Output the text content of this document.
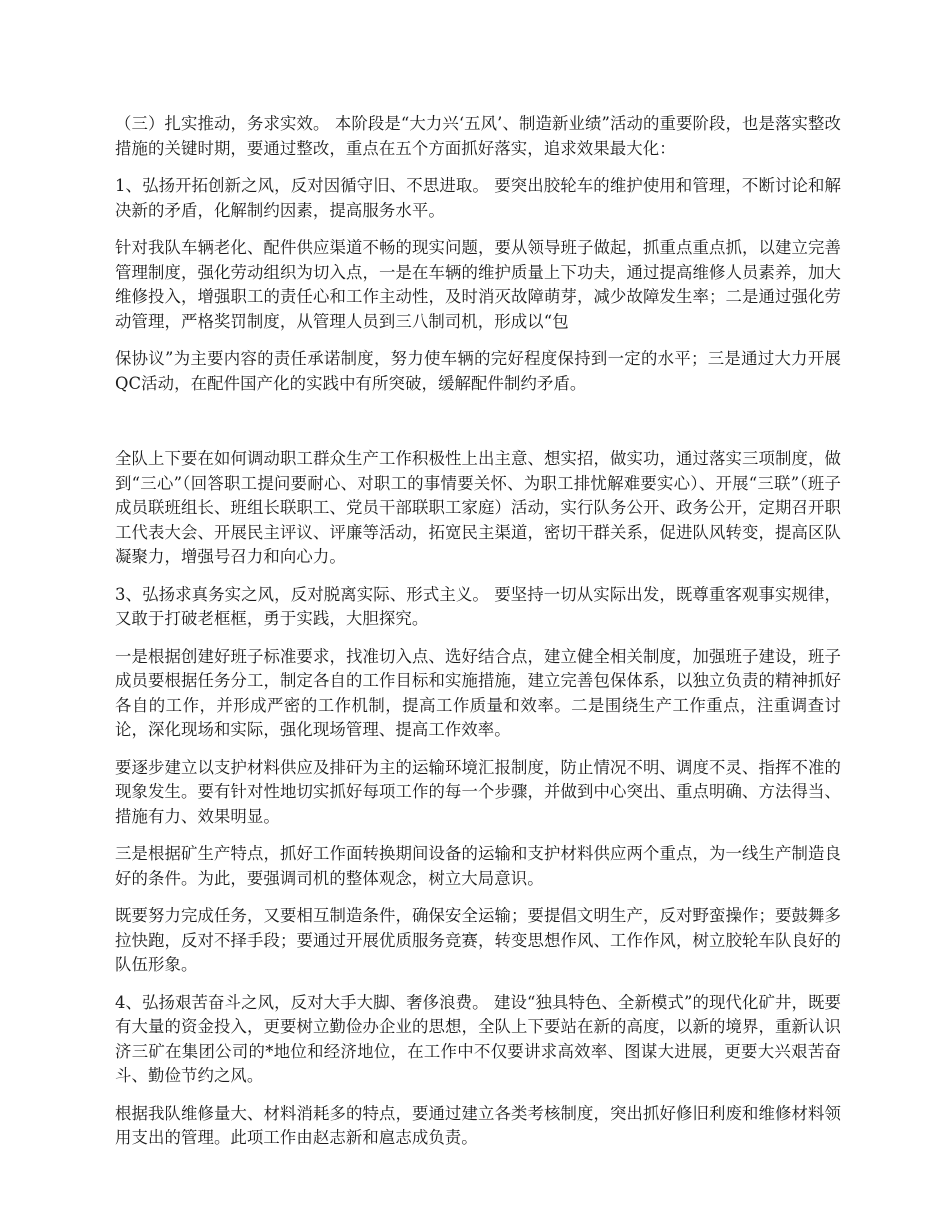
（三）扎实推动，务求实效。 本阶段是“大力兴‘五风’、制造新业绩”活动的重要阶段，也是落实整改措施的关键时期，要通过整改，重点在五个方面抓好落实，追求效果最大化：

1、弘扬开拓创新之风，反对因循守旧、不思进取。 要突出胶轮车的维护使用和管理，不断讨论和解决新的矛盾，化解制约因素，提高服务水平。

针对我队车辆老化、配件供应渠道不畅的现实问题，要从领导班子做起，抓重点重点抓，以建立完善管理制度，强化劳动组织为切入点，一是在车辆的维护质量上下功夫，通过提高维修人员素养，加大维修投入，增强职工的责任心和工作主动性，及时消灭故障萌芽，减少故障发生率；二是通过强化劳动管理，严格奖罚制度，从管理人员到三八制司机，形成以“包

保协议”为主要内容的责任承诺制度，努力使车辆的完好程度保持到一定的水平；三是通过大力开展QC活动，在配件国产化的实践中有所突破，缓解配件制约矛盾。

全队上下要在如何调动职工群众生产工作积极性上出主意、想实招，做实功，通过落实三项制度，做到“三心”（回答职工提问要耐心、对职工的事情要关怀、为职工排忧解难要实心）、开展“三联”（班子成员联班组长、班组长联职工、党员干部联职工家庭）活动，实行队务公开、政务公开，定期召开职工代表大会、开展民主评议、评廉等活动，拓宽民主渠道，密切干群关系，促进队风转变，提高区队凝聚力，增强号召力和向心力。

3、弘扬求真务实之风，反对脱离实际、形式主义。 要坚持一切从实际出发，既尊重客观事实规律，又敢于打破老框框，勇于实践，大胆探究。

一是根据创建好班子标准要求，找准切入点、选好结合点，建立健全相关制度，加强班子建设，班子成员要根据任务分工，制定各自的工作目标和实施措施，建立完善包保体系，以独立负责的精神抓好各自的工作，并形成严密的工作机制，提高工作质量和效率。二是围绕生产工作重点，注重调查讨论，深化现场和实际，强化现场管理、提高工作效率。

要逐步建立以支护材料供应及排矸为主的运输环境汇报制度，防止情况不明、调度不灵、指挥不准的现象发生。要有针对性地切实抓好每项工作的每一个步骤，并做到中心突出、重点明确、方法得当、措施有力、效果明显。

三是根据矿生产特点，抓好工作面转换期间设备的运输和支护材料供应两个重点，为一线生产制造良好的条件。为此，要强调司机的整体观念，树立大局意识。

既要努力完成任务，又要相互制造条件，确保安全运输；要提倡文明生产，反对野蛮操作；要鼓舞多拉快跑，反对不择手段；要通过开展优质服务竞赛，转变思想作风、工作作风，树立胶轮车队良好的队伍形象。

4、弘扬艰苦奋斗之风，反对大手大脚、奢侈浪费。 建设“独具特色、全新模式”的现代化矿井，既要有大量的资金投入，更要树立勤俭办企业的思想，全队上下要站在新的高度，以新的境界，重新认识济三矿在集团公司的*地位和经济地位，在工作中不仅要讲求高效率、图谋大进展，更要大兴艰苦奋斗、勤俭节约之风。

根据我队维修量大、材料消耗多的特点，要通过建立各类考核制度，突出抓好修旧利废和维修材料领用支出的管理。此项工作由赵志新和扈志成负责。
